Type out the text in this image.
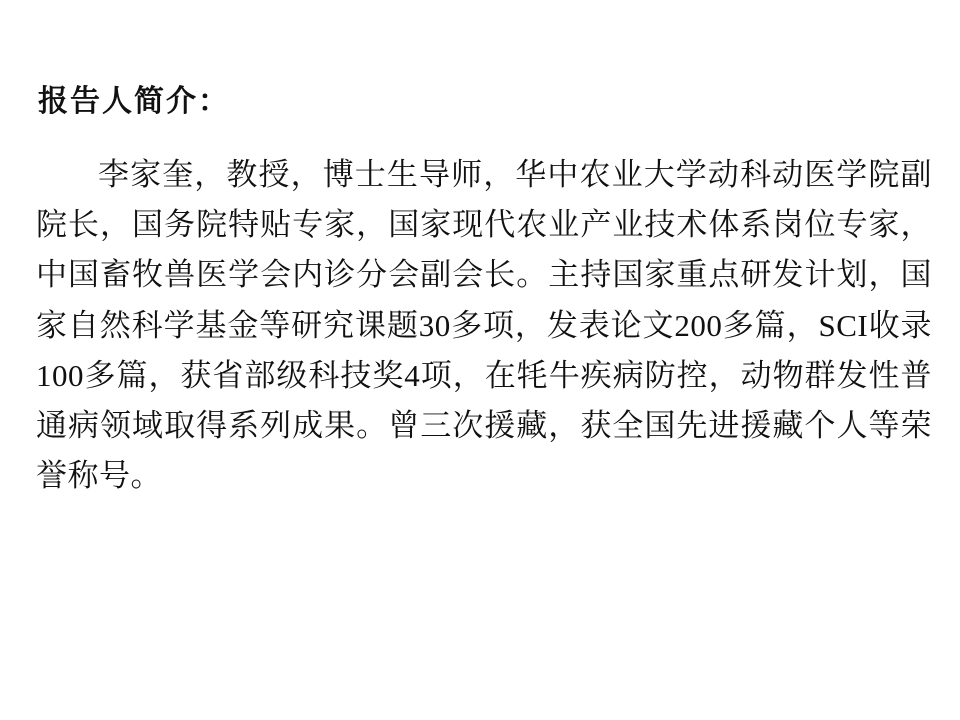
报告人简介：
李家奎，教授，博士生导师，华中农业大学动科动医学院副院长，国务院特贴专家，国家现代农业产业技术体系岗位专家，中国畜牧兽医学会内诊分会副会长。主持国家重点研发计划，国家自然科学基金等研究课题30多项，发表论文200多篇，SCI收录100多篇，获省部级科技奖4项，在牦牛疾病防控，动物群发性普通病领域取得系列成果。曾三次援藏，获全国先进援藏个人等荣誉称号。
